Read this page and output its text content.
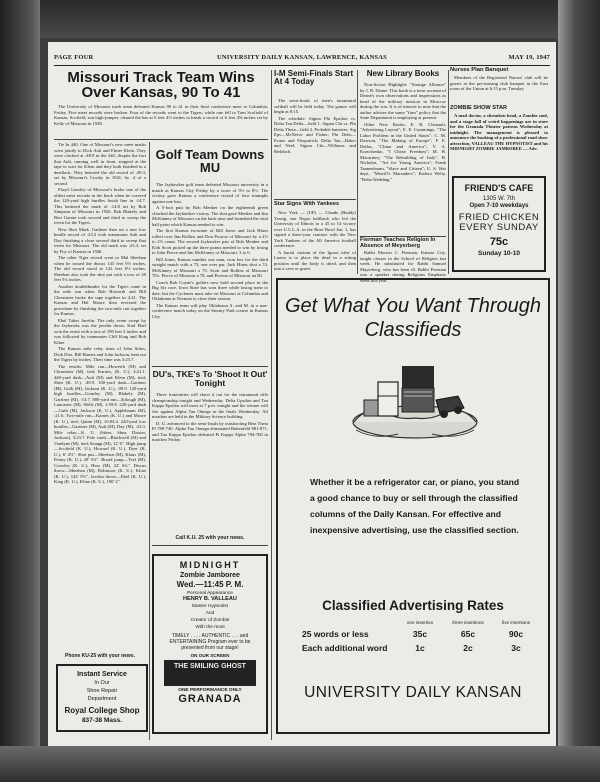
PAGE FOUR	UNIVERSITY DAILY KANSAN, LAWRENCE, KANSAS	MAY 19, 1947
Missouri Track Team Wins Over Kansas, 90 To 41

The University of Missouri track team defeated Kansas 90 to 41 in their final conference meet at Columbia, Friday. Five meet records were broken. Four of the records went to the Tigers, while one fell to Tom Scofield of Kansas, Scofield, son high-jumper, cleared the bar at 6 feet 4½ inches to break a record of 6 feet 4⅝ inches set by Kelly of Missouri in 1938.

Tie In 440. One of Missouri's new meet marks went jointly to Dick Ault and Elmer Klein. They were clocked at :48.9 in the 440, despite the fact that Ault, running well in front, stopped at the tape to wait for Klein and they both finished in a deadlock. They bettered the old record of :49.3, set by Missouri's Crosby in 1941, by .4 of a second.

Floyd Gourley of Missouri's broke one of the oldest meet records in the book when he covered the 120-yard high hurdles finish line in :14.7. This bettered the mark of :14.8 set by Bob Simpson of Missouri in 1926. Bob Blakely and Bert Garner took second and third to sweep the event for the Tigers.

New Shot Mark. Garliner then set a new low hurdle record of :23.3 with teammates Ault and Day finishing a close second third to sweep that event for Missouri. The old mark was :23.4, set by Foy of Kansas in 1946.

The other Tiger record went to Mal Sheehan when he tossed the discus 143 feet 9½ inches. The old record stood at 142 feet 8½ inches. Sheehan also took the shot put with a toss of 49 feet 5¾ inches.

Another doubleheader for the Tigers came in the mile run when Bob Howerth and Bill Chronister broke the tape together in 4:21. The Kansas and Hal Moore then reversed the procedure by finishing the two-mile run together for Kansas.

Ebel Takes Javelin. The only event swept by the Jayhawks was the javelin throw. Karl Ebel won the event with a toss of 190 feet 2 inches and was followed by teammates Cliff King and Bob Kline.

The Kansas mile relay team of John Stites, Dick Diss, Bill Barnes and John Jackson, beat out the Tigers by inches. Their time was 3:23.7.

The results: Mile run—Howerth (M) and Chronister (M), tied; Karnes, (K. U.), 4:21.1. 440-yard dash—Ault (M) and Klein (M), tied; Shea (K. U.), :48.9. 100-yard dash—Gartiner (M), Gulh (M), Jackson (K. U.), :09.9. 120-yard high hurdles—Gourley (M), Blakely (M), Gartiner (M), :14.7. 880-yard run—Kilough (M), Lancaster (M), Wells (M), 1:59.8. 220-yard dash—Guth (M), Jackson (K. U.), Applebaum (M), :21.6. Two-mile run—Karnes (K. U.) and Moore (K. U.), tied; Quinn (M), 10:04.4. 220-yard low hurdles—Gartiner (M), Ault (M), Day (M), :23.3. Mile relay—K. U. (Stites, Shea, Disster, Jackson), 3:23.7. Pole vault—Blackwell (M) and Vandyne (M), tied; Knapp (M), 12' 6". High jump—Scofield (K. U.), Howard (K. U.), Dyer (K. U.), 6' 4½". Shot put—Sheehan (M), Klaus (M), Penny (K. U.), 49' 5¾". Broad jump—Teel (M), Crowley (K. U.), Hess (M), 22' 6¾". Discus throw—Sheehan (M), Robinson (K. U.), Kline (K. U.), 143' 9½". Javelin throw—Ebel (K. U.), King (K. U.), Kline (K. U.), 190' 2".

Phone KU-25 with your news.
Instant Service
In Our
Shoe Repair
Department
Royal College Shop
837-38 Mass.
Golf Team Downs MU

The Jayhawker golf team defeated Missouri university in a match at Kansas City Friday by a score of 9½ to 8½. The victory gave Kansas a conference record of four triumphs against one loss.

A 5-foot putt by Bob Menker on the eighteenth green clinched the Jayhawker victory. The shot gave Menker and Jim McKinney of Missouri on the back nine and furnished the vital half point which Kansas needed to win.

The first Kansas twosome of Bill Jones and Jack Hines rolled over Jim Rollins and Don Prowse of Missouri by a 4½ to 2½ count. The second Jayhawker pair of Bob Menker and Kirk Scott picked up the three points needed to win by losing to John Pierce and Jim McKinney of Missouri, 3 to 6.

Bill Jones, Kansas number one man, won low for the third straight match with a 73, one over par. Jack Hines shot a 74. McKinney of Missouri a 75. Scott and Rollins of Missouri 76's. Pierce of Missouri a 78, and Prowse of Missouri an 80.

Coach Bob Coyne's golfers now hold second place in the Big Six race. Iowa State has won three while losing none to date, but the Cyclones must take on Missouri at Columbia and Oklahoma at Norman to close their season.

The Kansas team will play Oklahoma A. and M. in a non-conference match today on the Stormy Park course in Kansas City.

DU's, TKE's To 'Shoot It Out' Tonight

Three fraternities will shoot it out for the intramural rifle championship tonight and Wednesday. Delta Upsilon and Tau Kappa Epsilon will meet at 7 p.m. tonight and the winner will fire against Alpha Tau Omega in the finals Wednesday. All matches are held in the Military Science building.

D. U. advanced to the semi-finals by outshooting Beta Theta Pi 780-740. Alpha Tau Omega eliminated Battenfeld 881-871, and Tau Kappa Epsilon defeated Pi Kappa Alpha 794-760 in matches Friday.

Call K.U. 25 with your news.
MIDNIGHT
Zombie Jamboree
Wed.—11:45 P. M.
Personal Appearance
HENRY B. VALLEAU
Master Hypnotist
And
Creator of Zombie
With the most
TIMELY . . . . AUTHENTIC . . . and ENTERTAINING Program ever to be presented from our stage!
ON OUR SCREEN
THE SMILING GHOST
ONE PERFORMANCE ONLY
GRANADA
I-M Semi-Finals Start At 4 Today

The semi-finals of men's intramural softball will be held today. The games will begin at 8:15.

The schedule: Sigma Phi Epsilon vs. Delta Tau Delta—field 1. Sigma Chi vs. Phi Delta Theta—field 2. Probable batteries: Sig Eps—McNeive and Fisher; Phi Delts—Evans and Fitzpatrick; Delta Tau—Baker and Neel; Sigma Chi—Williams and Reddoch.

Star Signs With Yankees

New York — (UP) — Claude (Buddy) Young, star Negro halfback who led the University of Illinois to a 45 to 14 victory over U.C.L.A. in the Rose Bowl Jan. 1, has signed a three-year contract with the New York Yankees of the All America football conference.

A burial custom of the Igorot tribe of Luzon is to place the dead in a sitting position until the body is dried, and then into a cave or grave.

New Library Books

Non-fiction Highlight: "Strange Alliance" by J. R. Deane. This book is a terse account of Deane's own observations and impressions as head of the military mission in Moscow during the war. It is of interest to note that the author advises the same "firm" policy that the State Department is employing at present.

Other New Books: E. B. Chenault, "Advertising Layout"; E. E. Cummings, "The Labor Problem in the United States"; C. M. Dawson, "The Making of Europe"; F. E. Dallas, "China and America"; V. A. Kravchenko, "I Chose Freedom"; M. H. Macartney, "The Rebuilding of Italy"; B. Nicholas, "Art for Young America"; Frank Tannenbaum, "Slave and Citizen"; U. S. War dept., "Merrill's Marauders"; Eudora Welty, "Delta Wedding."

Fierman Teaches Religion In Absence of Meyerberg

Rabbi Morton C. Fierman, Kansas City, taught classes in the School of Religion last week. He substituted for Rabbi Samuel Mayerberg, who has been ill. Rabbi Fierman was a speaker during Religious Emphasis week this year.

Nurses Plan Banquet

Members of the Registered Nurses' club will be guests at the pre-nursing club banquet in the East room of the Union at 6:15 p.m. Tuesday.

ZOMBIE SHOW STAR

A mad doctor, a shrunken head, a Zombie soul, and a stage full of weird happenings are in store for the Granada Theater patrons Wednesday at midnight. The management is pleased to announce the booking of a professional road show attraction, VALLEAU THE HYPNOTIST and his MIDNIGHT ZOMBIE JAMBOREE — Adv.

FRIEND'S CAFE
1305 W. 7th
Open 7-10 weekdays
FRIED CHICKEN EVERY SUNDAY
75c
Sunday 10-10
Get What You Want Through Classifieds
Whether it be a refrigerator car, or piano, you stand a good chance to buy or sell through the classified columns of the Daily Kansan. For effective and inexpensive advertising, use the classified section.
Classified Advertising Rates
one insertion	three insertions	five insertions
25 words or less	35c	65c	90c
Each additional word	1c	2c	3c
UNIVERSITY DAILY KANSAN
